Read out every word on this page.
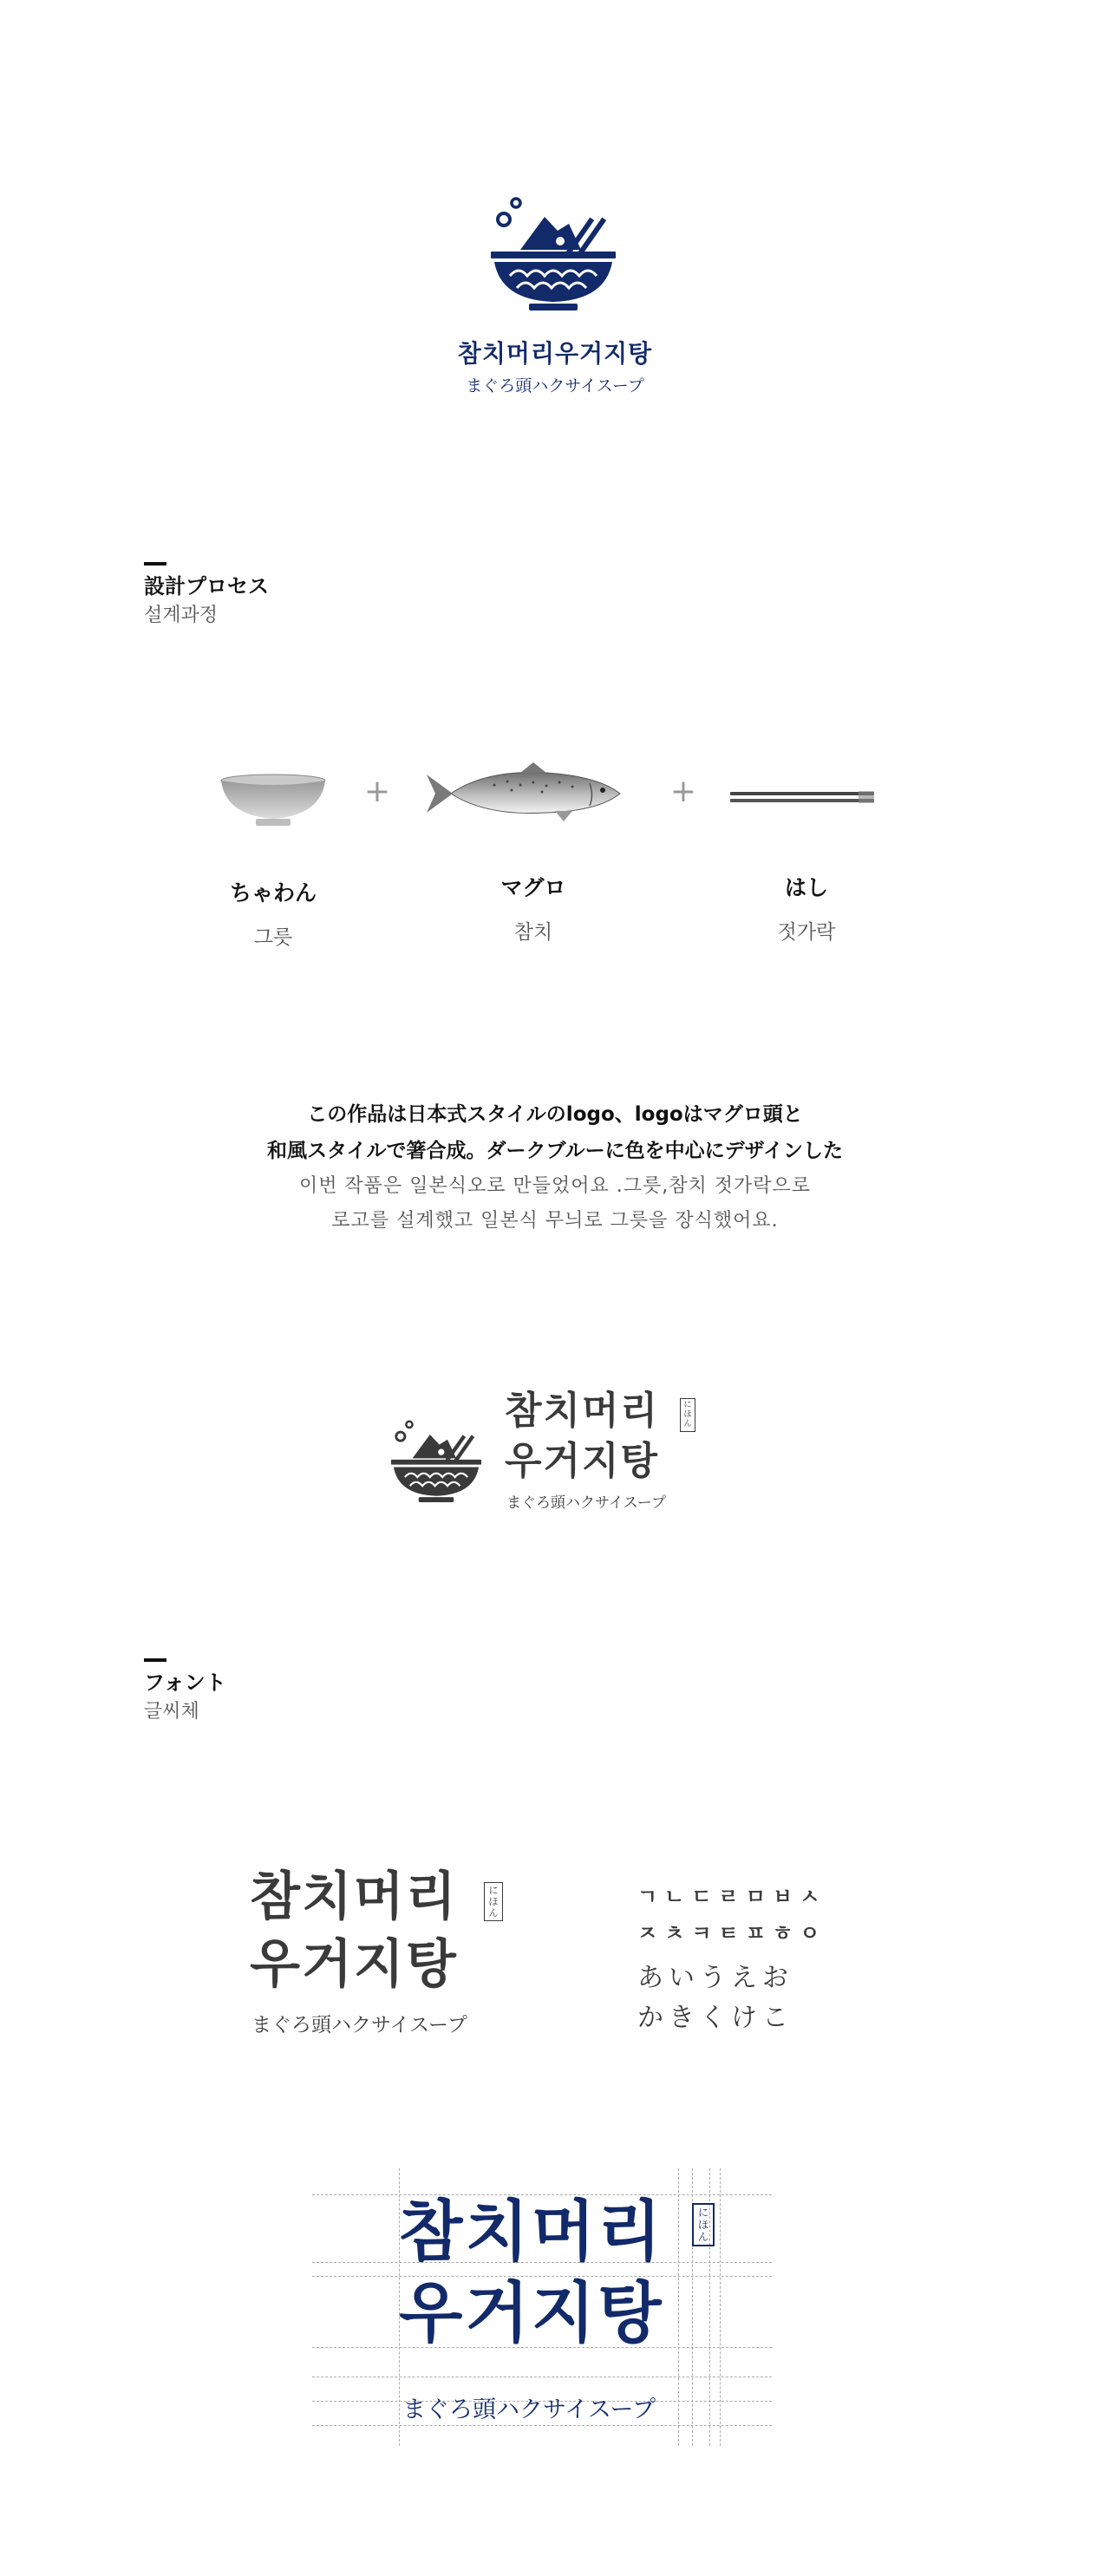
참치머리우거지탕
まぐろ頭ハクサイスープ
設計プロセス
설계과정
+	+
ちゃわん
그릇
マグロ
참치
はし
젓가락
この作品は日本式スタイルのlogo、logoはマグロ頭と
和風スタイルで箸合成。ダークブルーに色を中心にデザインした
이번 작품은 일본식오로 만들었어요 .그릇,참치 젓가락으로
로고를 설계했고 일본식 무늬로 그릇을 장식했어요.
참치머리
우거지탕
にほん
まぐろ頭ハクサイスープ
フォント
글씨체
참치머리
우거지탕
にほん
まぐろ頭ハクサイスープ
ㄱㄴㄷㄹㅁㅂㅅ
ㅈㅊㅋㅌㅍㅎㅇ
あいうえお
かきくけこ
참치머리
우거지탕
にほん
まぐろ頭ハクサイスープ
